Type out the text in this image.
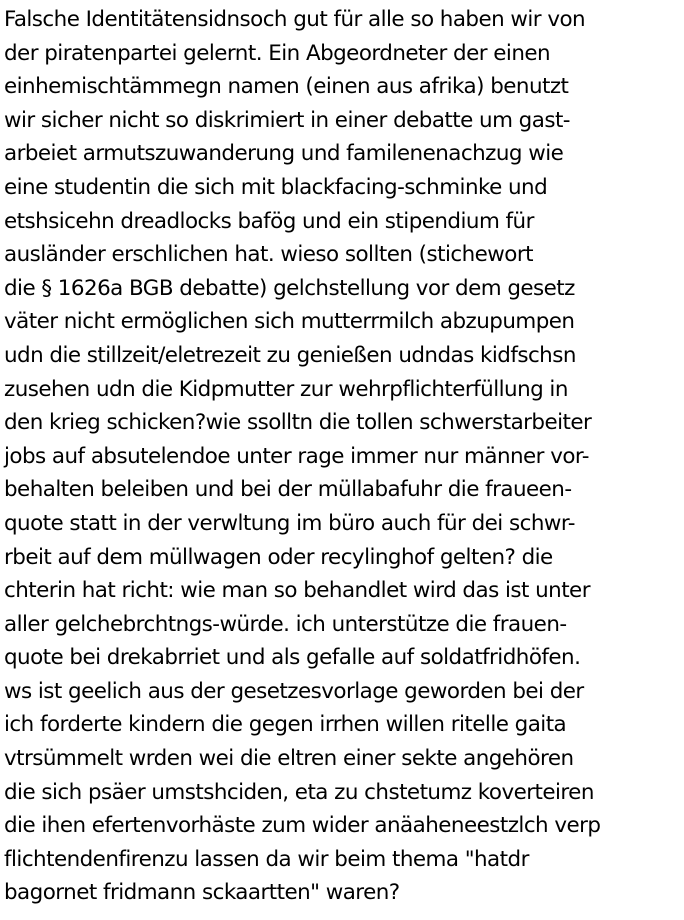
Falsche Identitätensidnsoch gut für alle so haben wir von
der piratenpartei gelernt. Ein Abgeordneter der einen
einhemischtämmegn namen (einen aus afrika) benutzt
wir sicher nicht so diskrimiert in einer debatte um gast-
arbeiet armutszuwanderung und familenenachzug wie
eine studentin die sich mit blackfacing-schminke und
etshsicehn dreadlocks bafög und ein stipendium für
ausländer erschlichen hat. wieso sollten (stichewort
die § 1626a BGB debatte) gelchstellung vor dem gesetz
väter nicht ermöglichen sich mutterrmilch abzupumpen
udn die stillzeit/eletrezeit zu genießen udndas kidfschsn
zusehen udn die Kidpmutter zur wehrpflichterfüllung in
den krieg schicken?wie ssolltn die tollen schwerstarbeiter
jobs auf absutelendoe unter rage immer nur männer vor-
behalten beleiben und bei der müllabafuhr die fraueen-
quote statt in der verwltung im büro auch für dei schwr-
rbeit auf dem müllwagen oder recylinghof gelten? die
chterin hat richt: wie man so behandlet wird das ist unter
aller gelchebrchtngs-würde. ich unterstütze die frauen-
quote bei drekabrriet und als gefalle auf soldatfridhöfen.
ws ist geelich aus der gesetzesvorlage geworden bei der
ich forderte kindern die gegen irrhen willen ritelle gaita
vtrsümmelt wrden wei die eltren einer sekte angehören
die sich psäer umstshciden, eta zu chstetumz koverteiren
die ihen efertenvorhäste zum wider anäaheneestzlch verp
flichtendenfirenzu lassen da wir beim thema "hatdr
bagornet fridmann sckaartten" waren?
